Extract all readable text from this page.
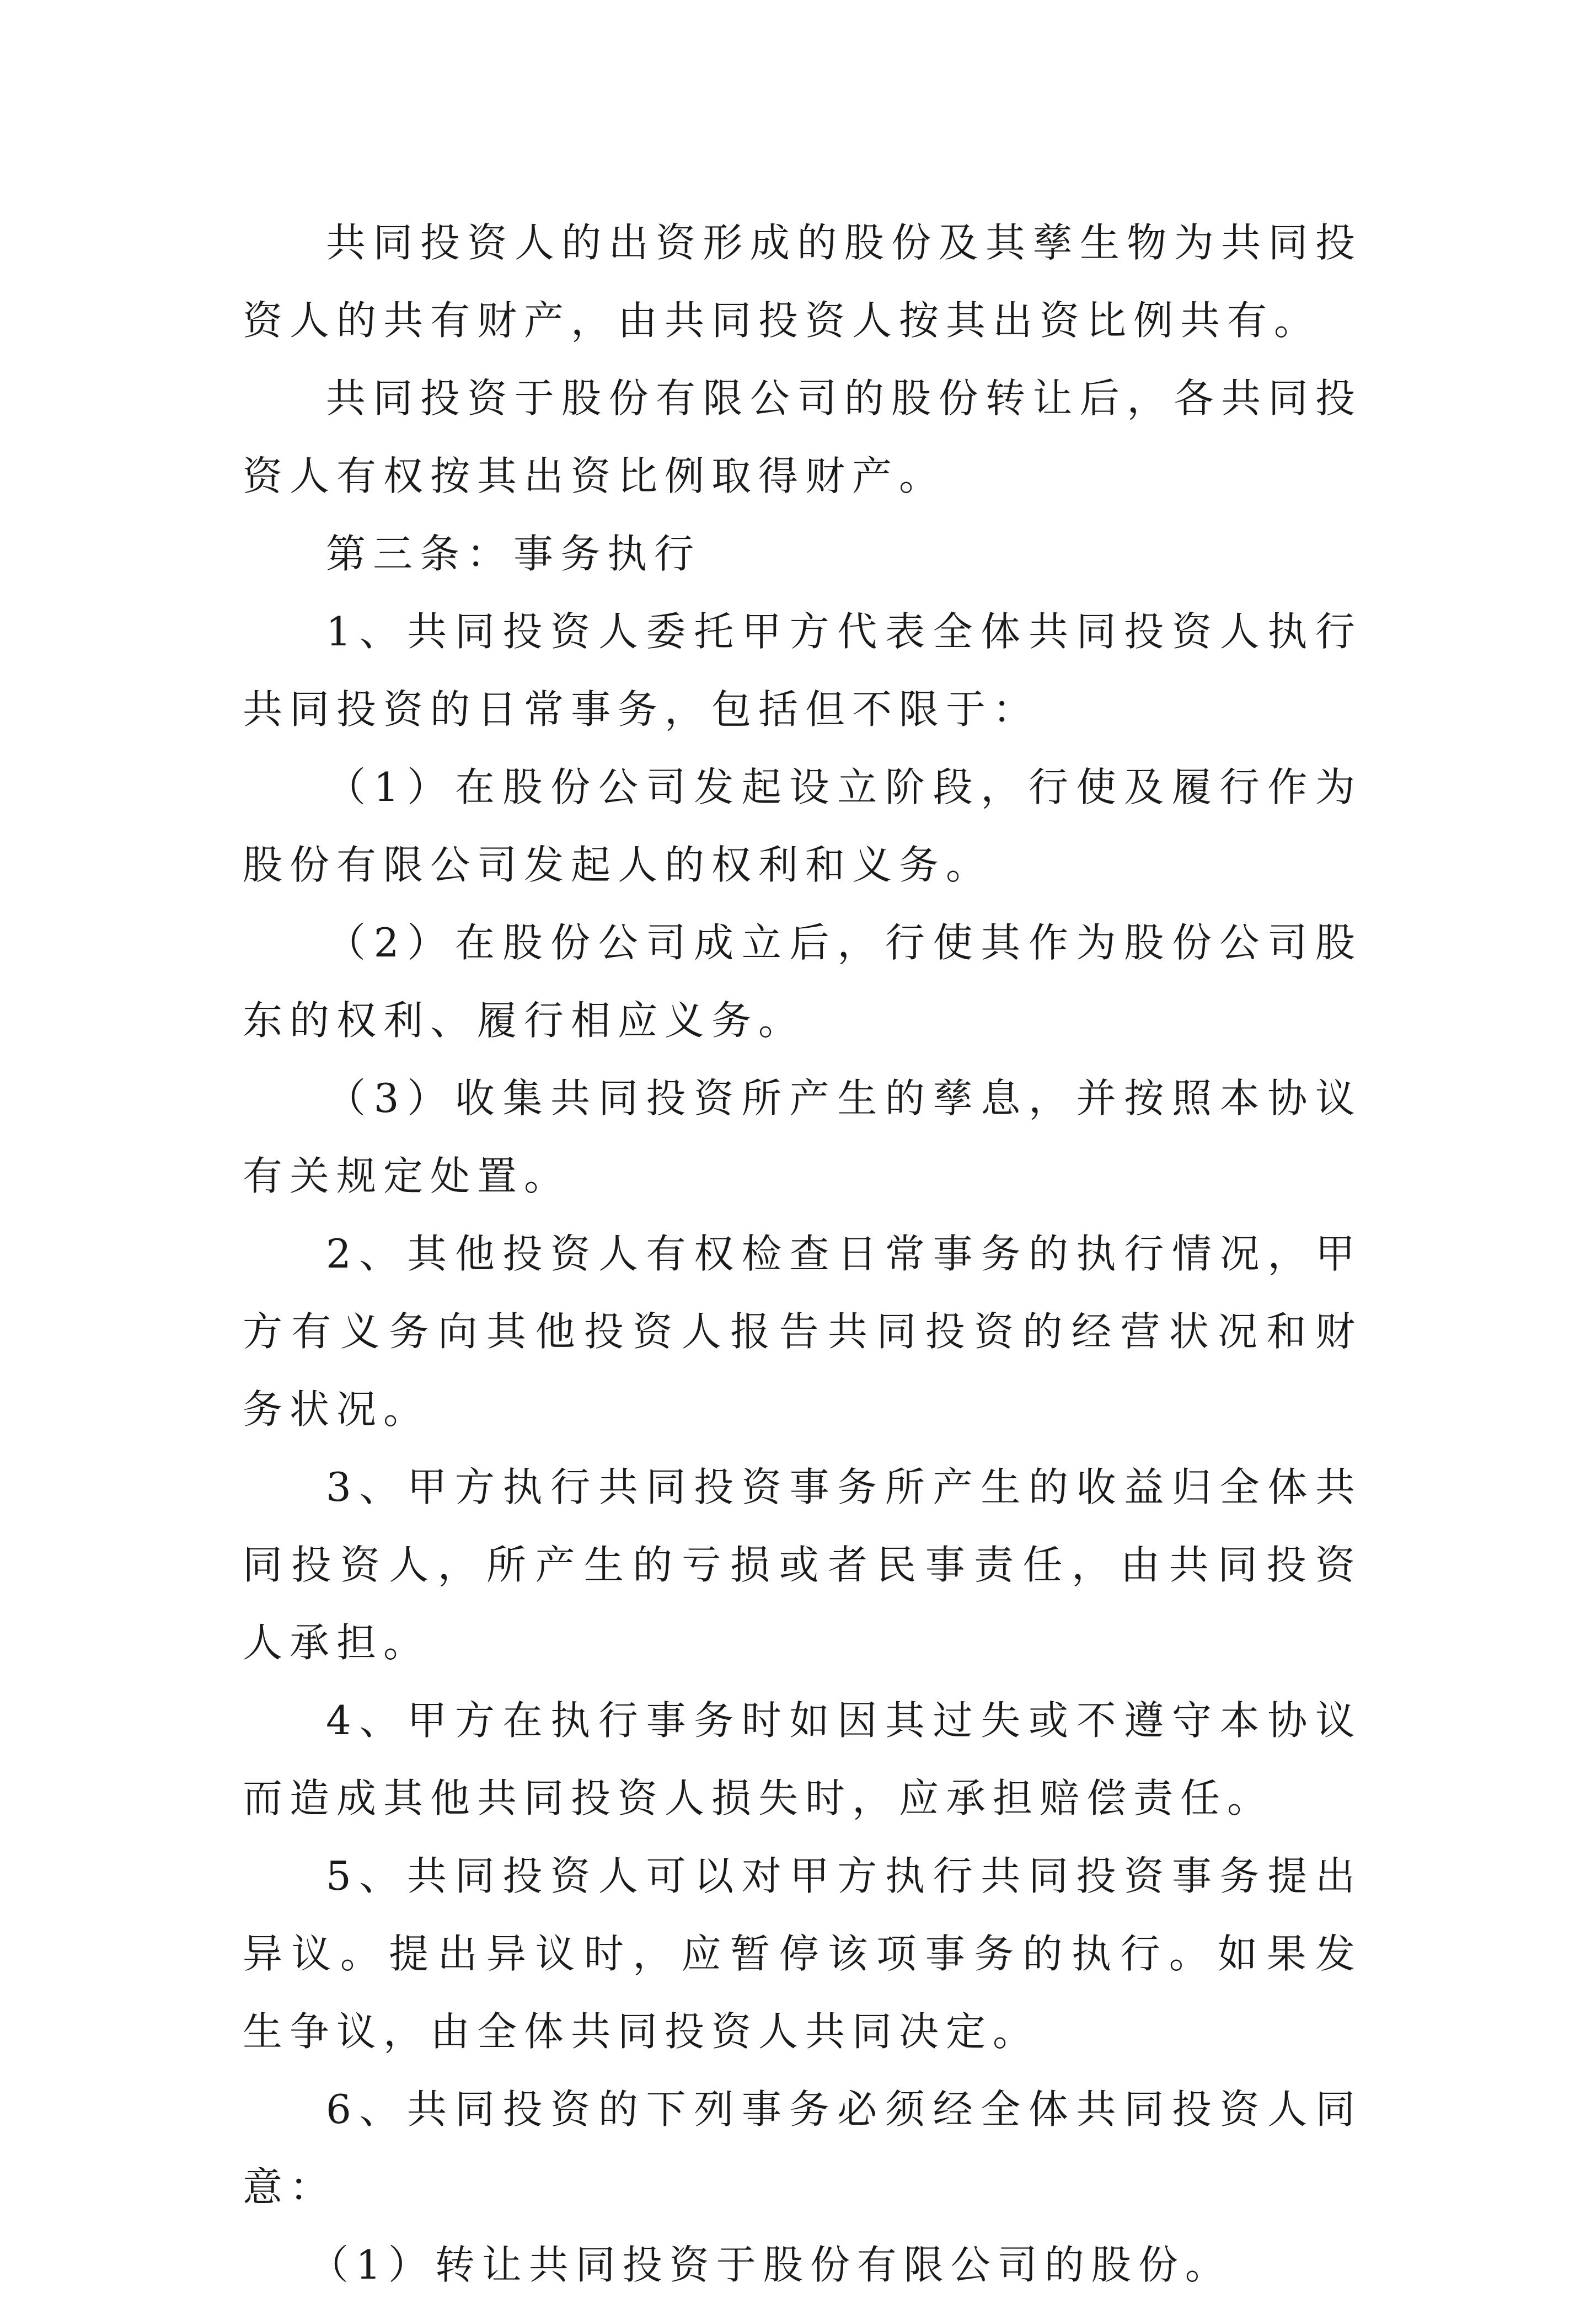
共同投资人的出资形成的股份及其孳生物为共同投资人的共有财产，由共同投资人按其出资比例共有。

共同投资于股份有限公司的股份转让后，各共同投资人有权按其出资比例取得财产。

第三条：事务执行

1、共同投资人委托甲方代表全体共同投资人执行共同投资的日常事务，包括但不限于：

（1）在股份公司发起设立阶段，行使及履行作为股份有限公司发起人的权利和义务。

（2）在股份公司成立后，行使其作为股份公司股东的权利、履行相应义务。

（3）收集共同投资所产生的孳息，并按照本协议有关规定处置。

2、其他投资人有权检查日常事务的执行情况，甲方有义务向其他投资人报告共同投资的经营状况和财务状况。

3、甲方执行共同投资事务所产生的收益归全体共同投资人，所产生的亏损或者民事责任，由共同投资人承担。

4、甲方在执行事务时如因其过失或不遵守本协议而造成其他共同投资人损失时，应承担赔偿责任。

5、共同投资人可以对甲方执行共同投资事务提出异议。提出异议时，应暂停该项事务的执行。如果发生争议，由全体共同投资人共同决定。

6、共同投资的下列事务必须经全体共同投资人同意：

（1）转让共同投资于股份有限公司的股份。
